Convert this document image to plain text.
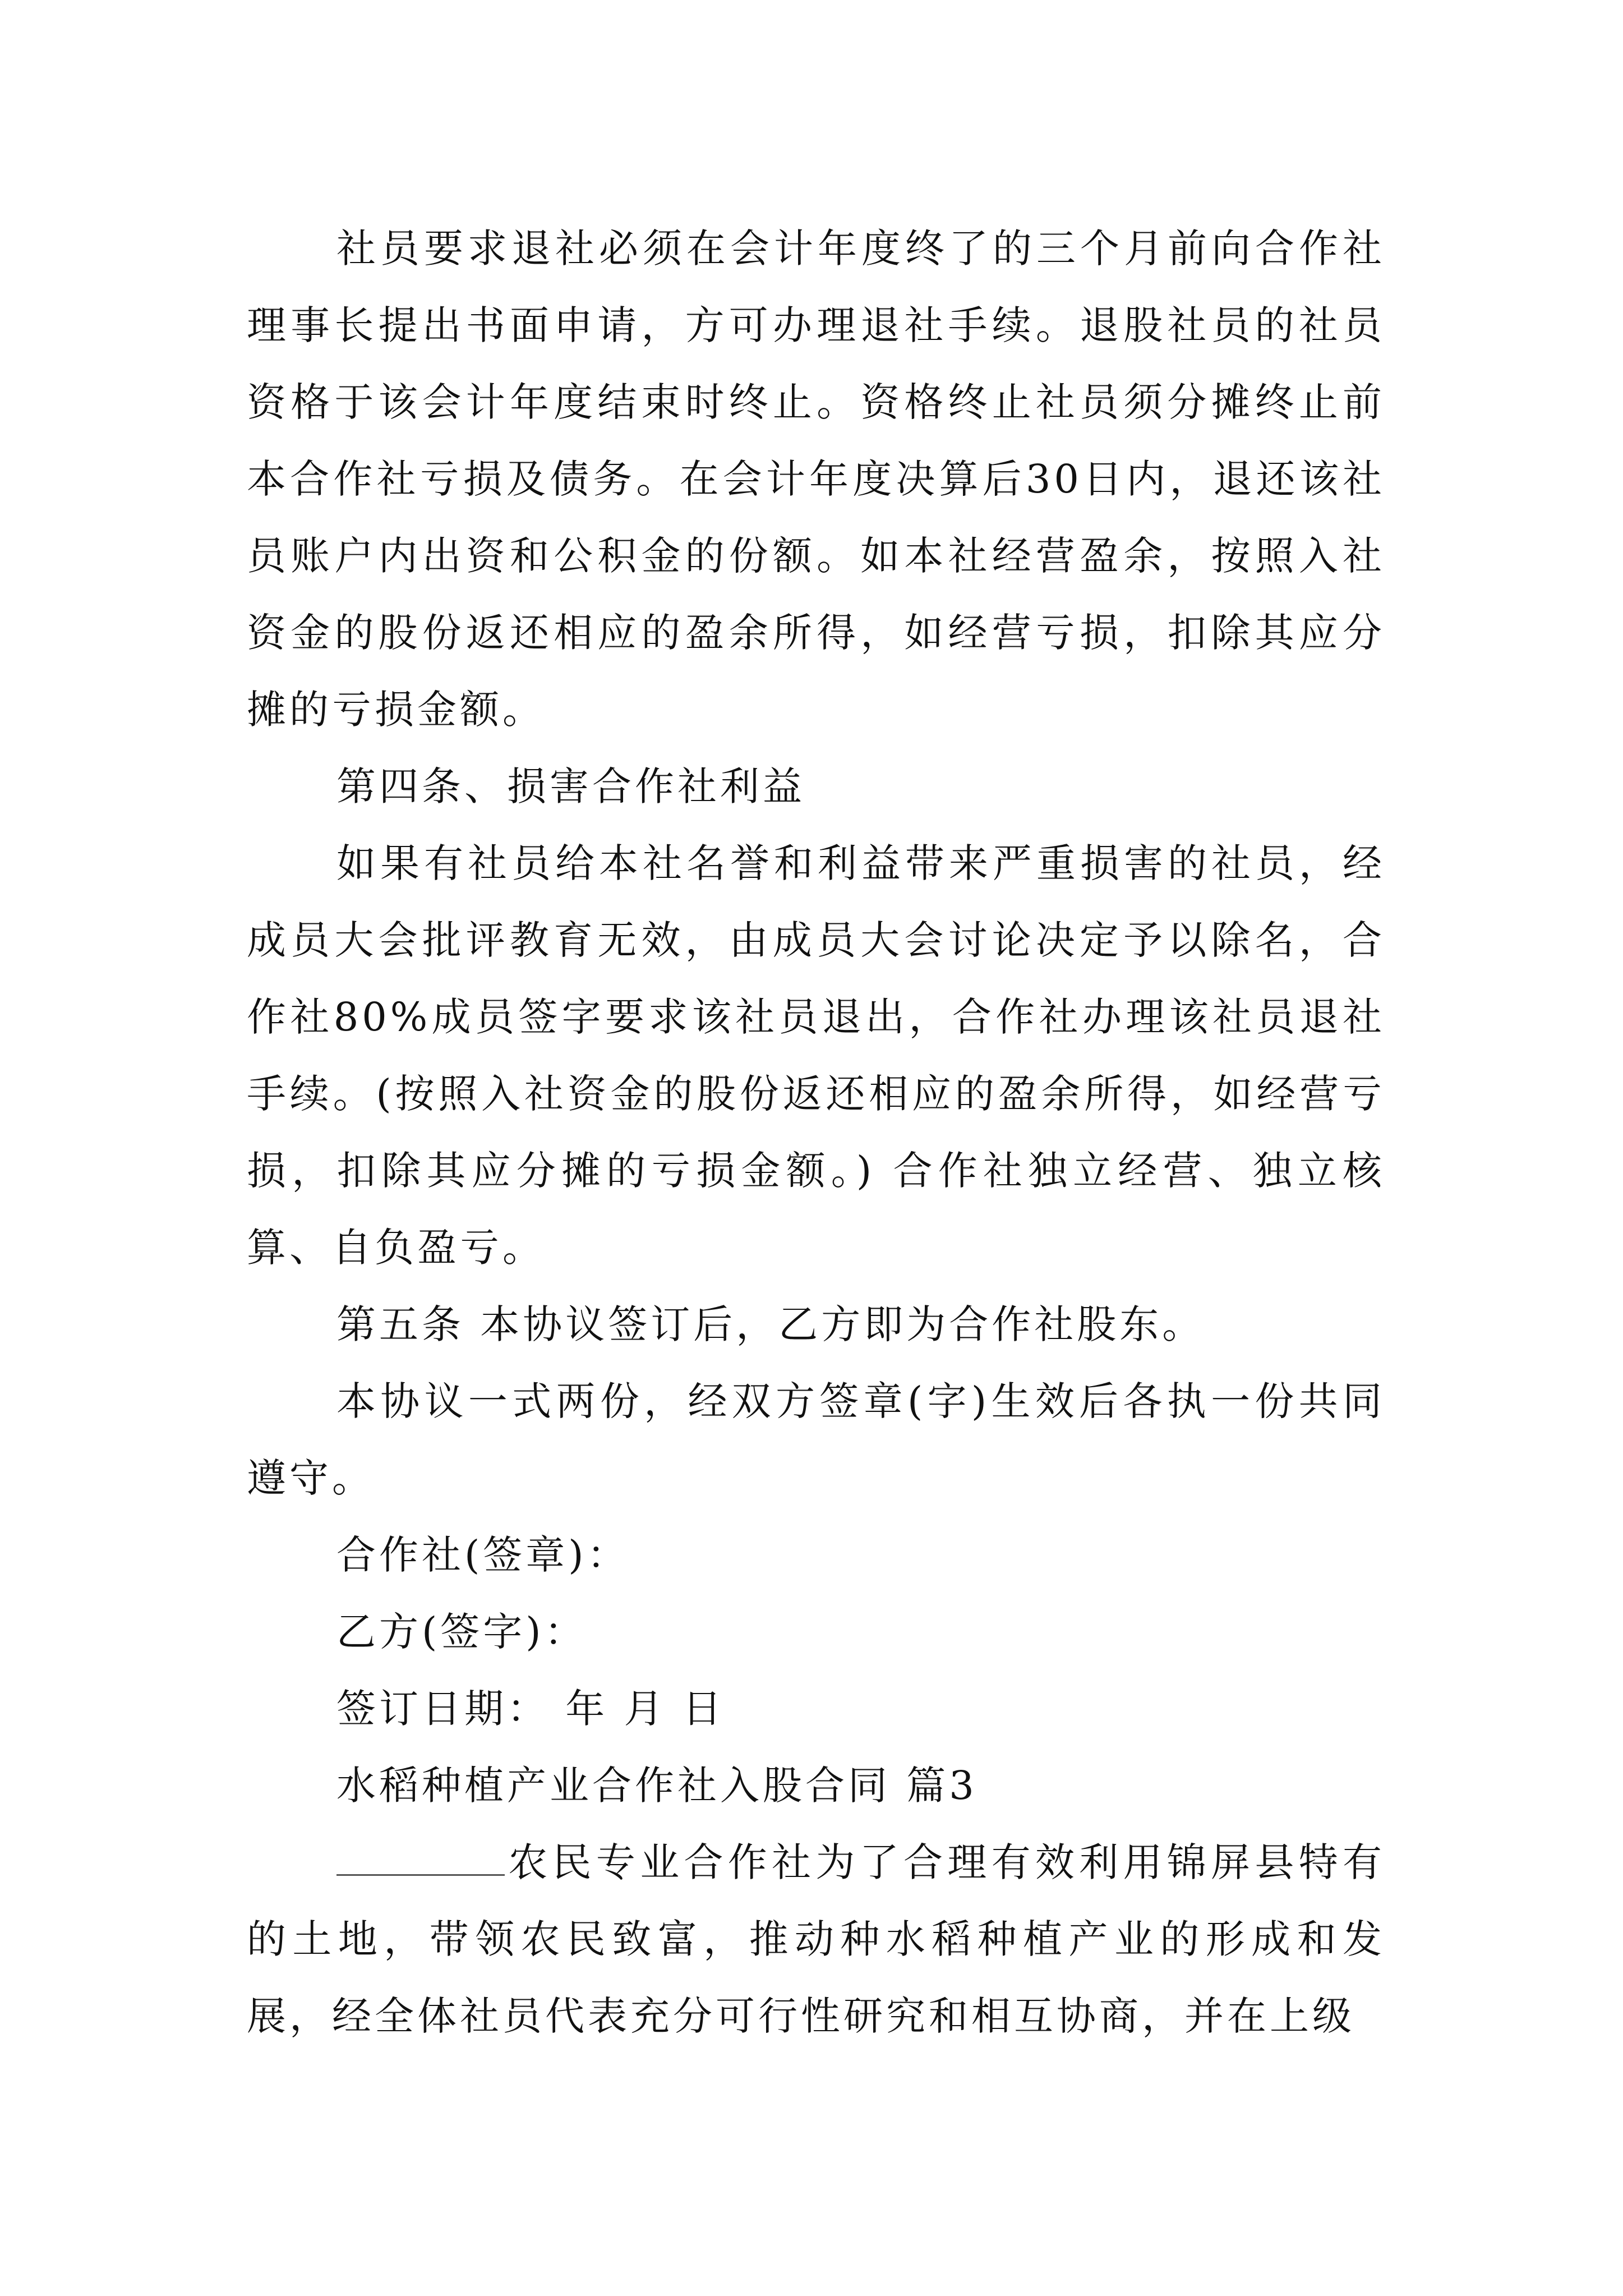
社员要求退社必须在会计年度终了的三个月前向合作社理事长提出书面申请，方可办理退社手续。退股社员的社员资格于该会计年度结束时终止。资格终止社员须分摊终止前本合作社亏损及债务。在会计年度决算后30日内，退还该社员账户内出资和公积金的份额。如本社经营盈余，按照入社资金的股份返还相应的盈余所得，如经营亏损，扣除其应分摊的亏损金额。

第四条、损害合作社利益

如果有社员给本社名誉和利益带来严重损害的社员，经成员大会批评教育无效，由成员大会讨论决定予以除名，合作社80%成员签字要求该社员退出，合作社办理该社员退社手续。(按照入社资金的股份返还相应的盈余所得，如经营亏损，扣除其应分摊的亏损金额。) 合作社独立经营、独立核算、自负盈亏。

第五条 本协议签订后，乙方即为合作社股东。

本协议一式两份，经双方签章(字)生效后各执一份共同遵守。

合作社(签章)：

乙方(签字)：

签订日期： 年 月 日

水稻种植产业合作社入股合同 篇3

农民专业合作社为了合理有效利用锦屏县特有的土地，带领农民致富，推动种水稻种植产业的形成和发展，经全体社员代表充分可行性研究和相互协商，并在上级
